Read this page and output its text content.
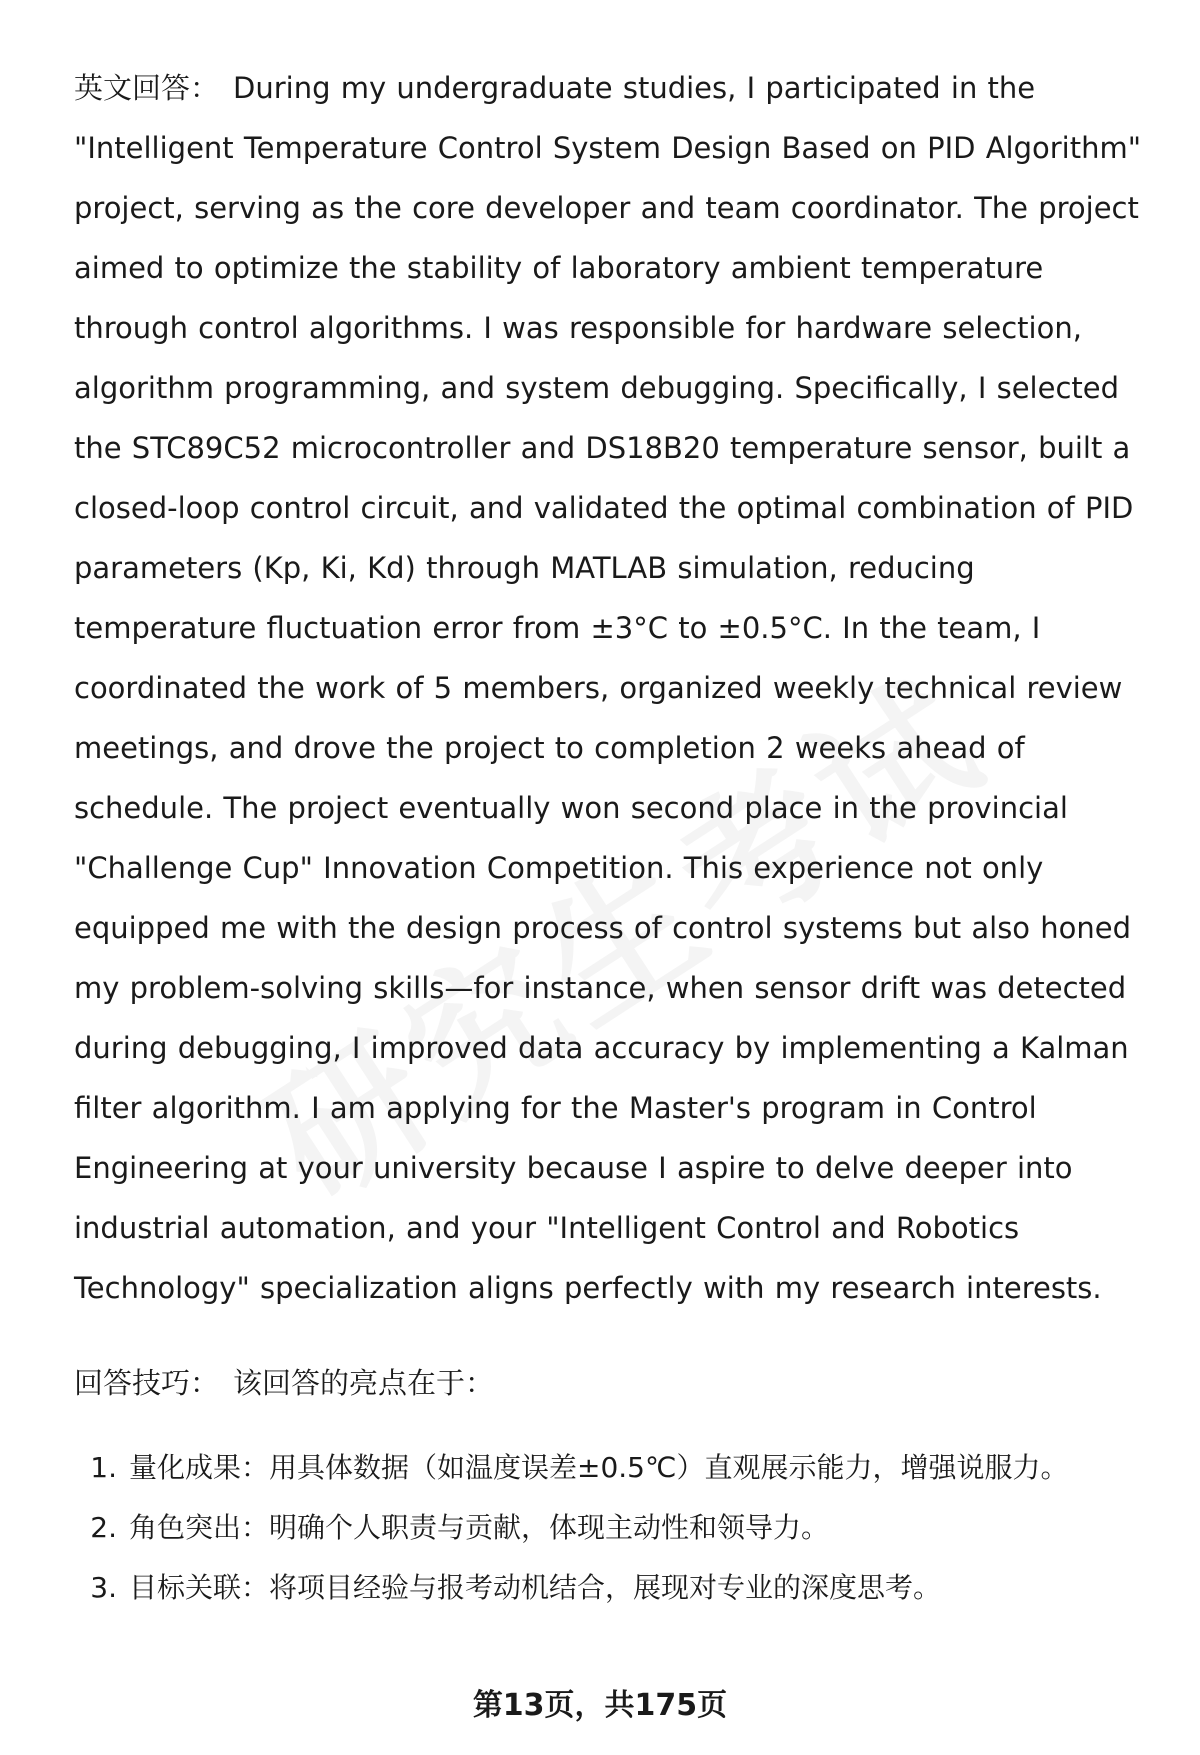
英文回答： During my undergraduate studies, I participated in the "Intelligent Temperature Control System Design Based on PID Algorithm" project, serving as the core developer and team coordinator. The project aimed to optimize the stability of laboratory ambient temperature through control algorithms. I was responsible for hardware selection, algorithm programming, and system debugging. Specifically, I selected the STC89C52 microcontroller and DS18B20 temperature sensor, built a closed-loop control circuit, and validated the optimal combination of PID parameters (Kp, Ki, Kd) through MATLAB simulation, reducing temperature fluctuation error from ±3°C to ±0.5°C. In the team, I coordinated the work of 5 members, organized weekly technical review meetings, and drove the project to completion 2 weeks ahead of schedule. The project eventually won second place in the provincial "Challenge Cup" Innovation Competition. This experience not only equipped me with the design process of control systems but also honed my problem-solving skills—for instance, when sensor drift was detected during debugging, I improved data accuracy by implementing a Kalman filter algorithm. I am applying for the Master's program in Control Engineering at your university because I aspire to delve deeper into industrial automation, and your "Intelligent Control and Robotics Technology" specialization aligns perfectly with my research interests.

回答技巧： 该回答的亮点在于：

1. 量化成果：用具体数据（如温度误差±0.5℃）直观展示能力，增强说服力。
2. 角色突出：明确个人职责与贡献，体现主动性和领导力。
3. 目标关联：将项目经验与报考动机结合，展现对专业的深度思考。
第13页，共175页
